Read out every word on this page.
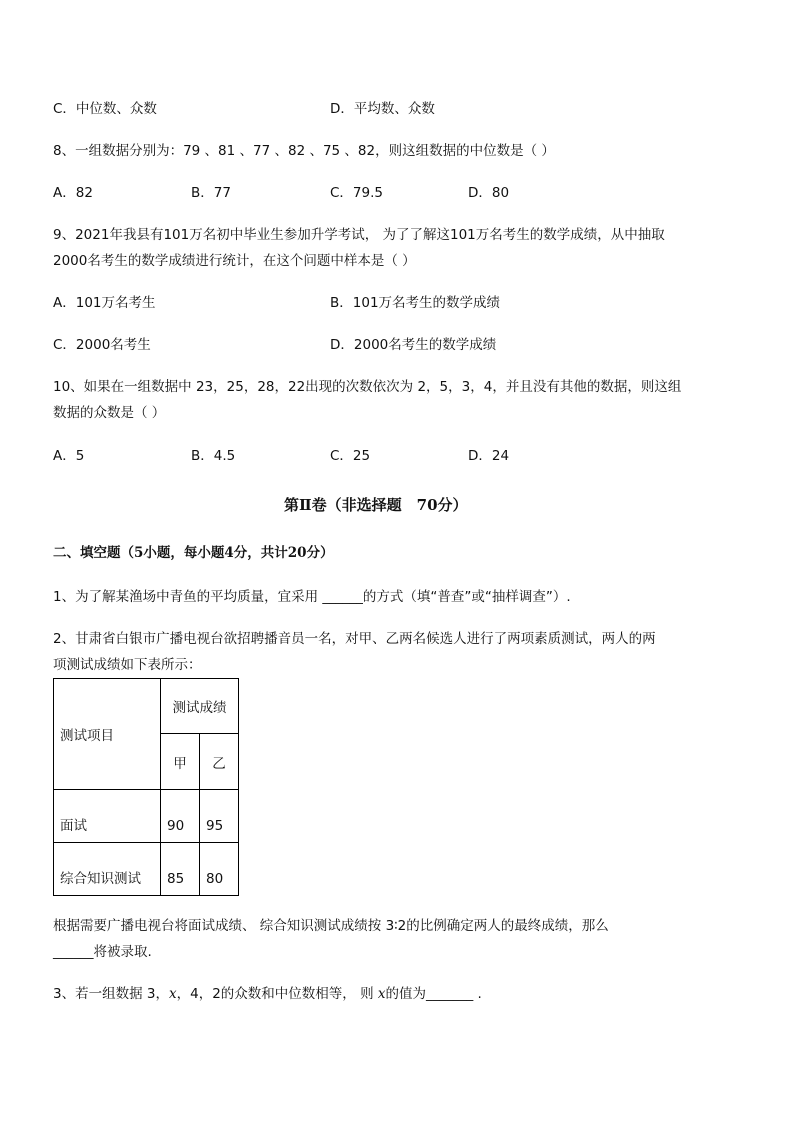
C．中位数、众数	D．平均数、众数
8、一组数据分别为：79 、81 、77 、82 、75 、82，则这组数据的中位数是（ ）
A．82	B．77	C．79.5	D．80
9、2021年我县有101万名初中毕业生参加升学考试， 为了了解这101万名考生的数学成绩，从中抽取
2000名考生的数学成绩进行统计，在这个问题中样本是（ ）
A．101万名考生	B．101万名考生的数学成绩
C．2000名考生	D．2000名考生的数学成绩
10、如果在一组数据中 23，25，28，22出现的次数依次为 2，5，3，4，并且没有其他的数据，则这组
数据的众数是（ ）
A．5	B．4.5	C．25	D．24
第Ⅱ卷（非选择题　70分）
二、填空题（5小题，每小题4分，共计20分）
1、为了解某渔场中青鱼的平均质量，宜采用 ______的方式（填“普查”或“抽样调查”）.
2、甘肃省白银市广播电视台欲招聘播音员一名，对甲、乙两名候选人进行了两项素质测试，两人的两
项测试成绩如下表所示：
测试项目	测试成绩	
	甲	乙
面试	90	95
综合知识测试	85	80
根据需要广播电视台将面试成绩、 综合知识测试成绩按 3∶2的比例确定两人的最终成绩，那么
______将被录取.
3、若一组数据 3，x，4，2的众数和中位数相等， 则 x的值为_______ .
